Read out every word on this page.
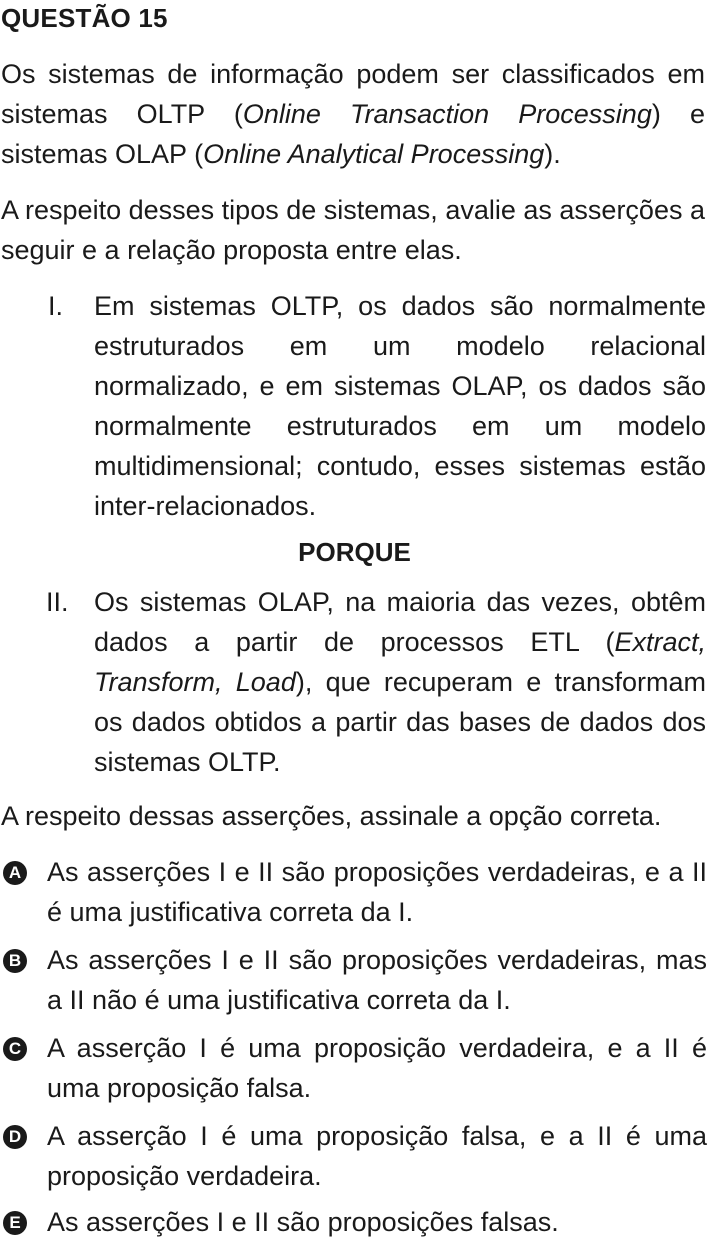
QUESTÃO 15
Os sistemas de informação podem ser classificados em sistemas OLTP (Online Transaction Processing) e sistemas OLAP (Online Analytical Processing).
A respeito desses tipos de sistemas, avalie as asserções a seguir e a relação proposta entre elas.
I. Em sistemas OLTP, os dados são normalmente estruturados em um modelo relacional normalizado, e em sistemas OLAP, os dados são normalmente estruturados em um modelo multidimensional; contudo, esses sistemas estão inter-relacionados.
PORQUE
II. Os sistemas OLAP, na maioria das vezes, obtêm dados a partir de processos ETL (Extract, Transform, Load), que recuperam e transformam os dados obtidos a partir das bases de dados dos sistemas OLTP.
A respeito dessas asserções, assinale a opção correta.
A As asserções I e II são proposições verdadeiras, e a II é uma justificativa correta da I.
B As asserções I e II são proposições verdadeiras, mas a II não é uma justificativa correta da I.
C A asserção I é uma proposição verdadeira, e a II é uma proposição falsa.
D A asserção I é uma proposição falsa, e a II é uma proposição verdadeira.
E As asserções I e II são proposições falsas.
